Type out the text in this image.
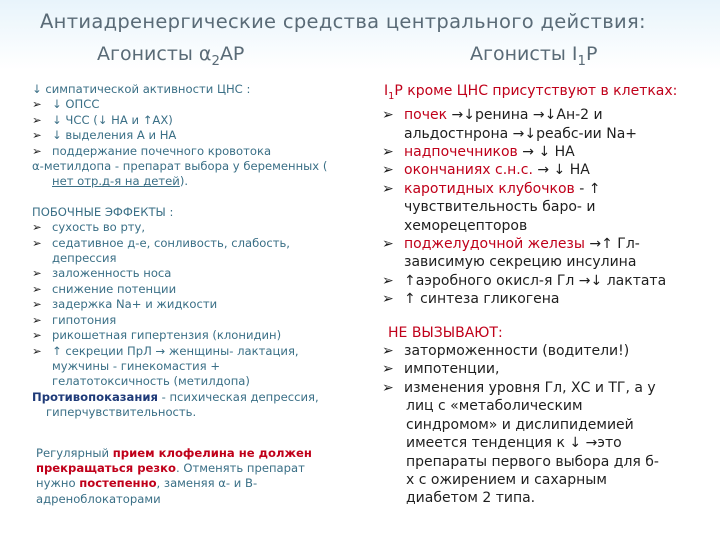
Антиадренергические средства центрального действия:
Агонисты $\alpha_2АР$	Агонисты $I_1Р$
↓ симпатической активности ЦНС :
➢ ↓ ОПСС
➢ ↓ ЧСС (↓ НА и ↑АХ)
➢ ↓ выделения А и НА
➢ поддержание почечного кровотока
α-метилдопа - препарат выбора у беременных (
нет отр.д-я на детей).
ПОБОЧНЫЕ ЭФФЕКТЫ :
➢ сухость во рту,
➢ седативное д-е, сонливость, слабость,
депрессия
➢ заложенность носа
➢ снижение потенции
➢ задержка Na+ и жидкости
➢ гипотония
➢ рикошетная гипертензия (клонидин)
➢ ↑ секреции ПрЛ → женщины- лактация,
мужчины - гинекомастия +
гелатотоксичность (метилдопа)
Противопоказания - психическая депрессия,
гиперчувствительность.
Регулярный прием клофелина не должен прекращаться резко. Отменять препарат нужно постепенно, заменяя α- и В-адреноблокаторами
$I_1Р$ кроме ЦНС присутствуют в клетках:
➢ почек →↓ренина →↓Ан-2 и
альдостнрона →↓реабс-ии Na+
➢ надпочечников → ↓ НА
➢ окончаниях с.н.с. → ↓ НА
➢ каротидных клубочков - ↑
чувствительность баро- и хеморецепторов
➢ поджелудочной железы →↑ Гл-
зависимую секрецию инсулина
➢ ↑аэробного окисл-я Гл →↓ лактата
➢ ↑ синтеза гликогена
НЕ ВЫЗЫВАЮТ:
➢ заторможенности (водители!)
➢ импотенции,
➢ изменения уровня Гл, ХС и ТГ, а у
лиц с «метаболическим синдромом» и дислипидемией имеется тенденция к ↓ →это препараты первого выбора для б-х с ожирением и сахарным диабетом 2 типа.
